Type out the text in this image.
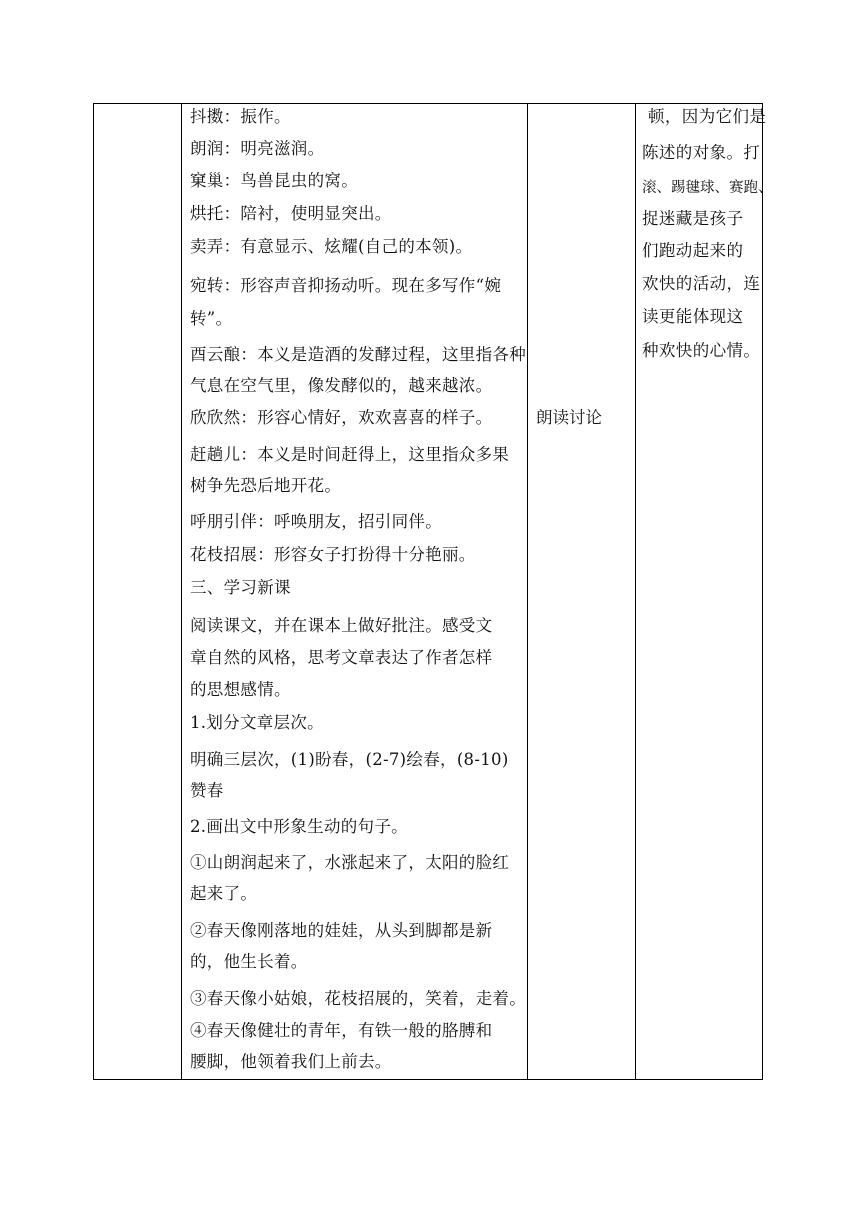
抖擞：振作。

朗润：明亮滋润。

窠巢：鸟兽昆虫的窝。

烘托：陪衬，使明显突出。

卖弄：有意显示、炫耀(自己的本领)。

宛转：形容声音抑扬动听。现在多写作“婉

转”。

酉云酿：本义是造酒的发酵过程，这里指各种

气息在空气里，像发酵似的，越来越浓。

欣欣然：形容心情好，欢欢喜喜的样子。

赶趟儿：本义是时间赶得上，这里指众多果

树争先恐后地开花。

呼朋引伴：呼唤朋友，招引同伴。

花枝招展：形容女子打扮得十分艳丽。

三、学习新课

阅读课文，并在课本上做好批注。感受文

章自然的风格，思考文章表达了作者怎样

的思想感情。

1.划分文章层次。

明确三层次，(1)盼春，(2-7)绘春，(8-10)

赞春

2.画出文中形象生动的句子。

①山朗润起来了，水涨起来了，太阳的脸红

起来了。

②春天像刚落地的娃娃，从头到脚都是新

的，他生长着。

③春天像小姑娘，花枝招展的，笑着，走着。

④春天像健壮的青年，有铁一般的胳膊和

腰脚，他领着我们上前去。

朗读讨论

顿，因为它们是

陈述的对象。打

滚、踢毽球、赛跑、

捉迷藏是孩子

们跑动起来的

欢快的活动，连

读更能体现这

种欢快的心情。
